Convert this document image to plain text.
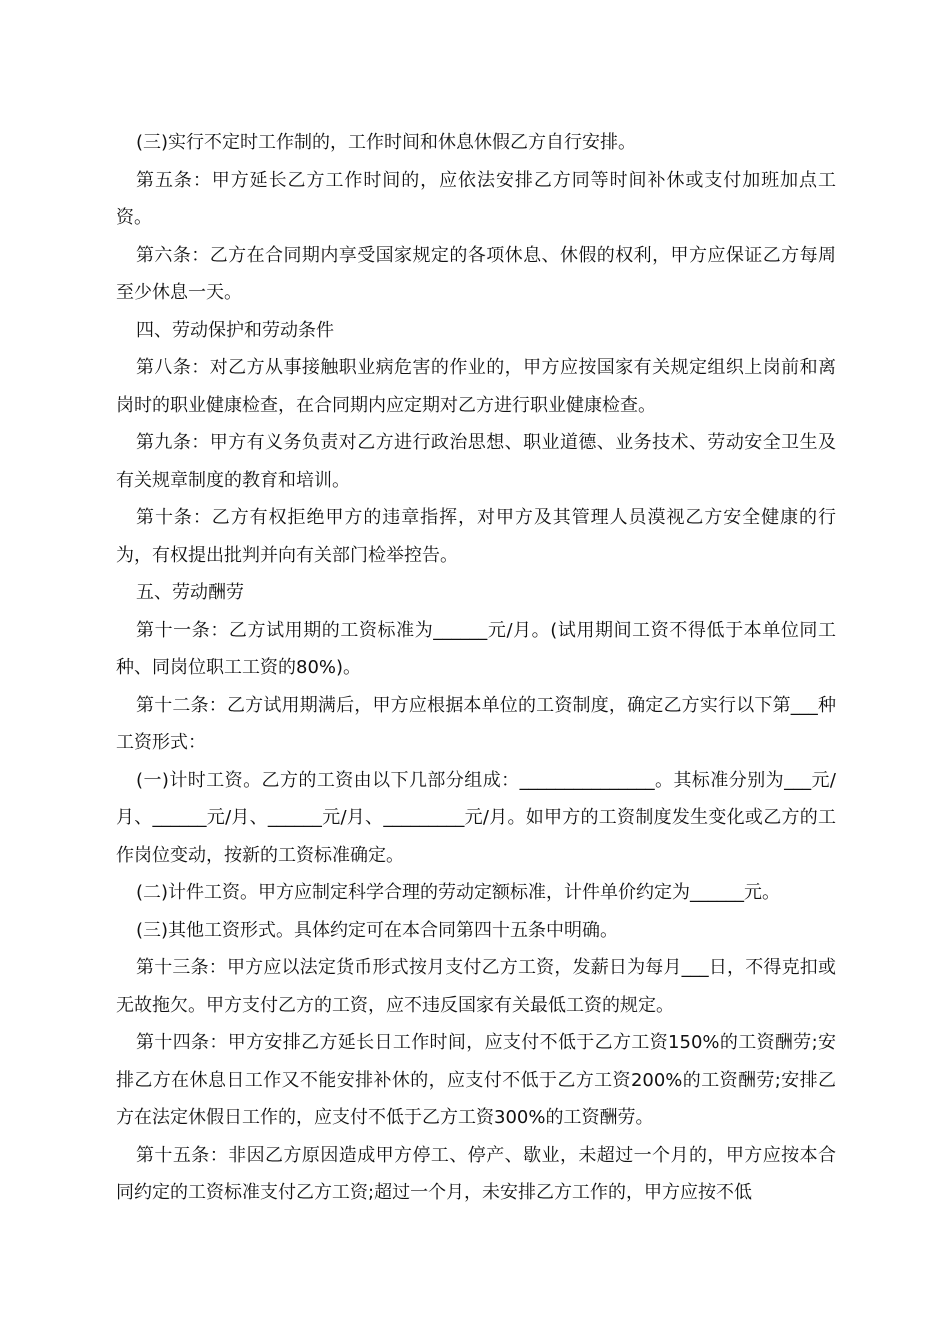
(三)实行不定时工作制的，工作时间和休息休假乙方自行安排。

第五条：甲方延长乙方工作时间的，应依法安排乙方同等时间补休或支付加班加点工资。

第六条：乙方在合同期内享受国家规定的各项休息、休假的权利，甲方应保证乙方每周至少休息一天。

四、劳动保护和劳动条件

第八条：对乙方从事接触职业病危害的作业的，甲方应按国家有关规定组织上岗前和离岗时的职业健康检查，在合同期内应定期对乙方进行职业健康检查。

第九条：甲方有义务负责对乙方进行政治思想、职业道德、业务技术、劳动安全卫生及有关规章制度的教育和培训。

第十条：乙方有权拒绝甲方的违章指挥，对甲方及其管理人员漠视乙方安全健康的行为，有权提出批判并向有关部门检举控告。

五、劳动酬劳

第十一条：乙方试用期的工资标准为______元/月。(试用期间工资不得低于本单位同工种、同岗位职工工资的80%)。

第十二条：乙方试用期满后，甲方应根据本单位的工资制度，确定乙方实行以下第___种工资形式：

(一)计时工资。乙方的工资由以下几部分组成：_______________。其标准分别为___元/月、______元/月、______元/月、_________元/月。如甲方的工资制度发生变化或乙方的工作岗位变动，按新的工资标准确定。

(二)计件工资。甲方应制定科学合理的劳动定额标准，计件单价约定为______元。

(三)其他工资形式。具体约定可在本合同第四十五条中明确。

第十三条：甲方应以法定货币形式按月支付乙方工资，发薪日为每月___日，不得克扣或无故拖欠。甲方支付乙方的工资，应不违反国家有关最低工资的规定。

第十四条：甲方安排乙方延长日工作时间，应支付不低于乙方工资150%的工资酬劳;安排乙方在休息日工作又不能安排补休的，应支付不低于乙方工资200%的工资酬劳;安排乙方在法定休假日工作的，应支付不低于乙方工资300%的工资酬劳。

第十五条：非因乙方原因造成甲方停工、停产、歇业，未超过一个月的，甲方应按本合同约定的工资标准支付乙方工资;超过一个月，未安排乙方工作的，甲方应按不低
